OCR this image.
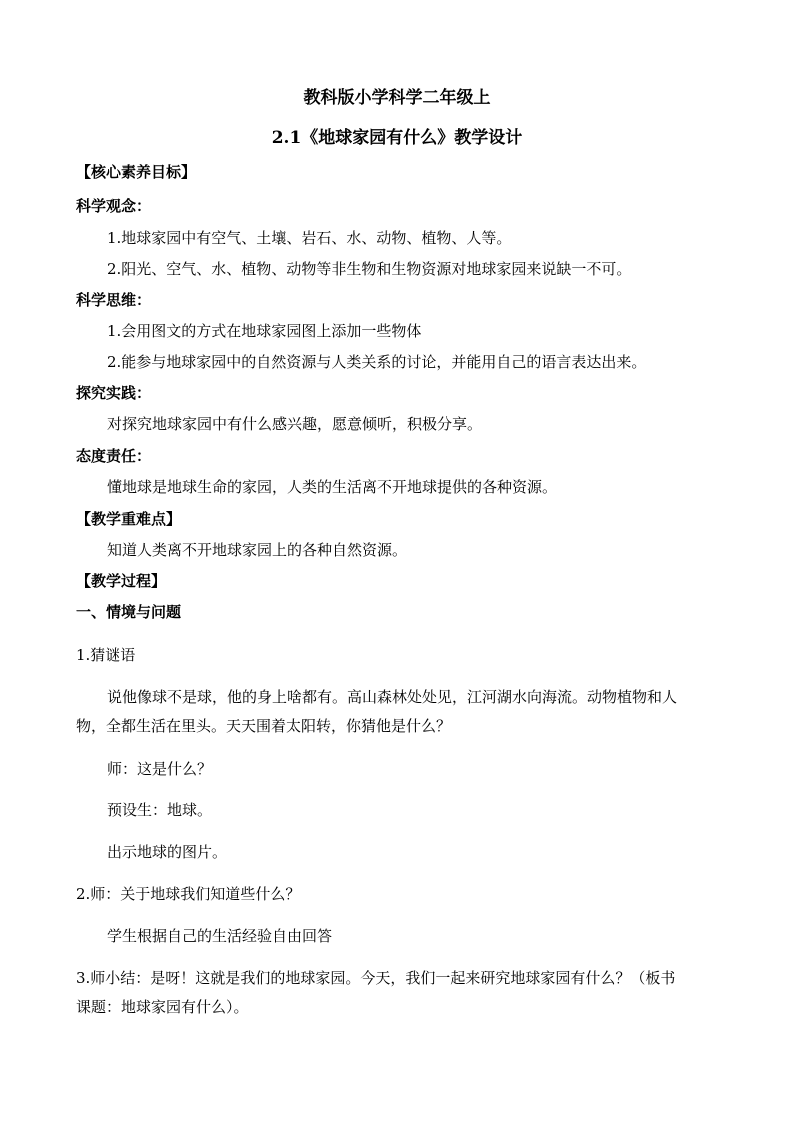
教科版小学科学二年级上
2.1《地球家园有什么》教学设计
【核心素养目标】
科学观念：
1.地球家园中有空气、土壤、岩石、水、动物、植物、人等。
2.阳光、空气、水、植物、动物等非生物和生物资源对地球家园来说缺一不可。
科学思维：
1.会用图文的方式在地球家园图上添加一些物体
2.能参与地球家园中的自然资源与人类关系的讨论，并能用自己的语言表达出来。
探究实践：
对探究地球家园中有什么感兴趣，愿意倾听，积极分享。
态度责任：
懂地球是地球生命的家园，人类的生活离不开地球提供的各种资源。
【教学重难点】
知道人类离不开地球家园上的各种自然资源。
【教学过程】
一、情境与问题
1.猜谜语
说他像球不是球，他的身上啥都有。高山森林处处见，江河湖水向海流。动物植物和人
物，全都生活在里头。天天围着太阳转，你猜他是什么？
师：这是什么？
预设生：地球。
出示地球的图片。
2.师：关于地球我们知道些什么？
学生根据自己的生活经验自由回答
3.师小结：是呀！这就是我们的地球家园。今天，我们一起来研究地球家园有什么？（板书
课题：地球家园有什么）。
